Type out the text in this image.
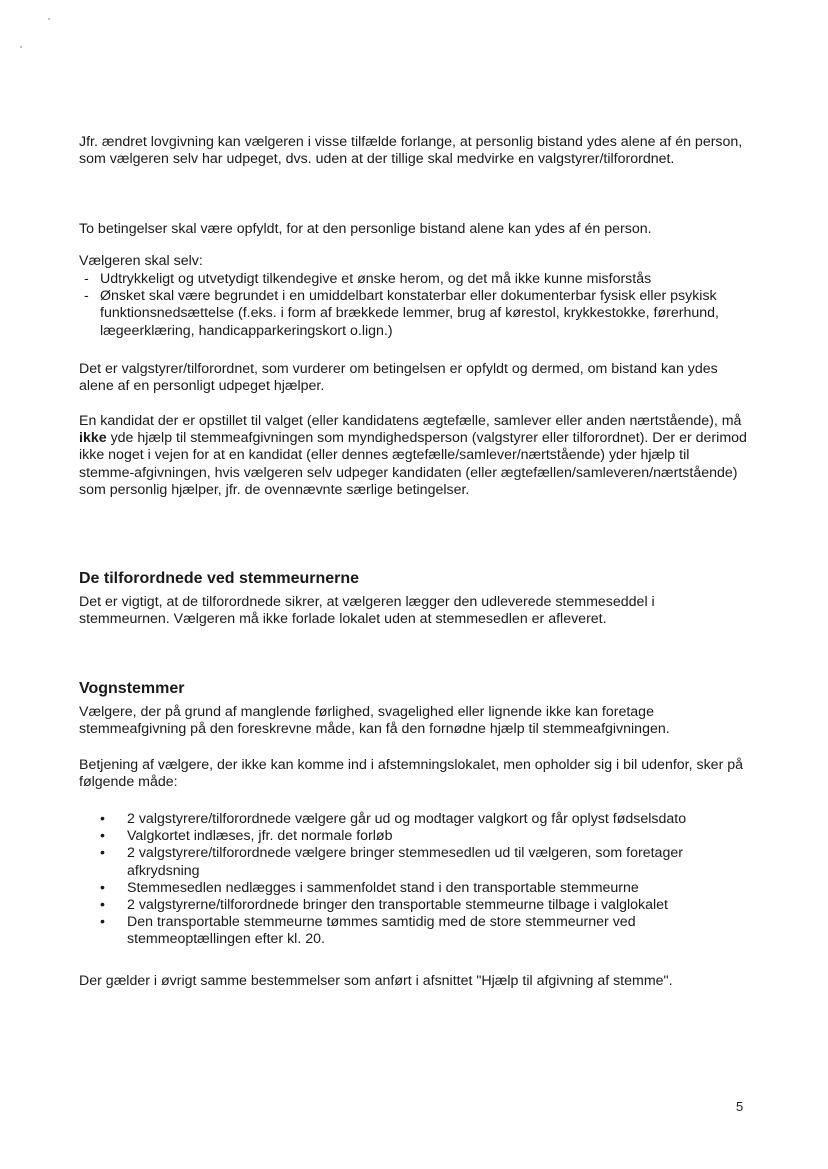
Jfr. ændret lovgivning kan vælgeren i visse tilfælde forlange, at personlig bistand ydes alene af én person, som vælgeren selv har udpeget, dvs. uden at der tillige skal medvirke en valgstyrer/tilforordnet.

To betingelser skal være opfyldt, for at den personlige bistand alene kan ydes af én person.

Vælgeren skal selv:

- Udtrykkeligt og utvetydigt tilkendegive et ønske herom, og det må ikke kunne misforstås
- Ønsket skal være begrundet i en umiddelbart konstaterbar eller dokumenterbar fysisk eller psykisk funktionsnedsættelse (f.eks. i form af brækkede lemmer, brug af kørestol, krykkestokke, førerhund, lægeerklæring, handicapparkeringskort o.lign.)

Det er valgstyrer/tilforordnet, som vurderer om betingelsen er opfyldt og dermed, om bistand kan ydes alene af en personligt udpeget hjælper.

En kandidat der er opstillet til valget (eller kandidatens ægtefælle, samlever eller anden nærtstående), må ikke yde hjælp til stemmeafgivningen som myndighedsperson (valgstyrer eller tilforordnet). Der er derimod ikke noget i vejen for at en kandidat (eller dennes ægtefælle/samlever/nærtstående) yder hjælp til stemme-afgivningen, hvis vælgeren selv udpeger kandidaten (eller ægtefællen/samleveren/nærtstående) som personlig hjælper, jfr. de ovennævnte særlige betingelser.

De tilforordnede ved stemmeurnerne

Det er vigtigt, at de tilforordnede sikrer, at vælgeren lægger den udleverede stemmeseddel i stemmeurnen. Vælgeren må ikke forlade lokalet uden at stemmesedlen er afleveret.

Vognstemmer

Vælgere, der på grund af manglende førlighed, svagelighed eller lignende ikke kan foretage stemmeafgivning på den foreskrevne måde, kan få den fornødne hjælp til stemmeafgivningen.

Betjening af vælgere, der ikke kan komme ind i afstemningslokalet, men opholder sig i bil udenfor, sker på følgende måde:

• 2 valgstyrere/tilforordnede vælgere går ud og modtager valgkort og får oplyst fødselsdato
• Valgkortet indlæses, jfr. det normale forløb
• 2 valgstyrere/tilforordnede vælgere bringer stemmesedlen ud til vælgeren, som foretager afkrydsning
• Stemmesedlen nedlægges i sammenfoldet stand i den transportable stemmeurne
• 2 valgstyrerne/tilforordnede bringer den transportable stemmeurne tilbage i valglokalet
• Den transportable stemmeurne tømmes samtidig med de store stemmeurner ved stemmeoptællingen efter kl. 20.

Der gælder i øvrigt samme bestemmelser som anført i afsnittet "Hjælp til afgivning af stemme".

5
